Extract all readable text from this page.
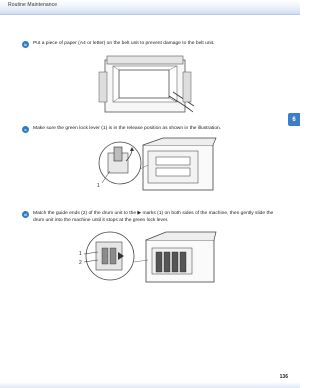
Routine Maintenance
6
b	Put a piece of paper (A4 or letter) on the belt unit to prevent damage to the belt unit.
c	Make sure the green lock lever (1) is in the release position as shown in the illustration.
1
d	Match the guide ends (2) of the drum unit to the ▶ marks (1) on both sides of the machine, then gently slide the drum unit into the machine until it stops at the green lock lever.
1
2
136
